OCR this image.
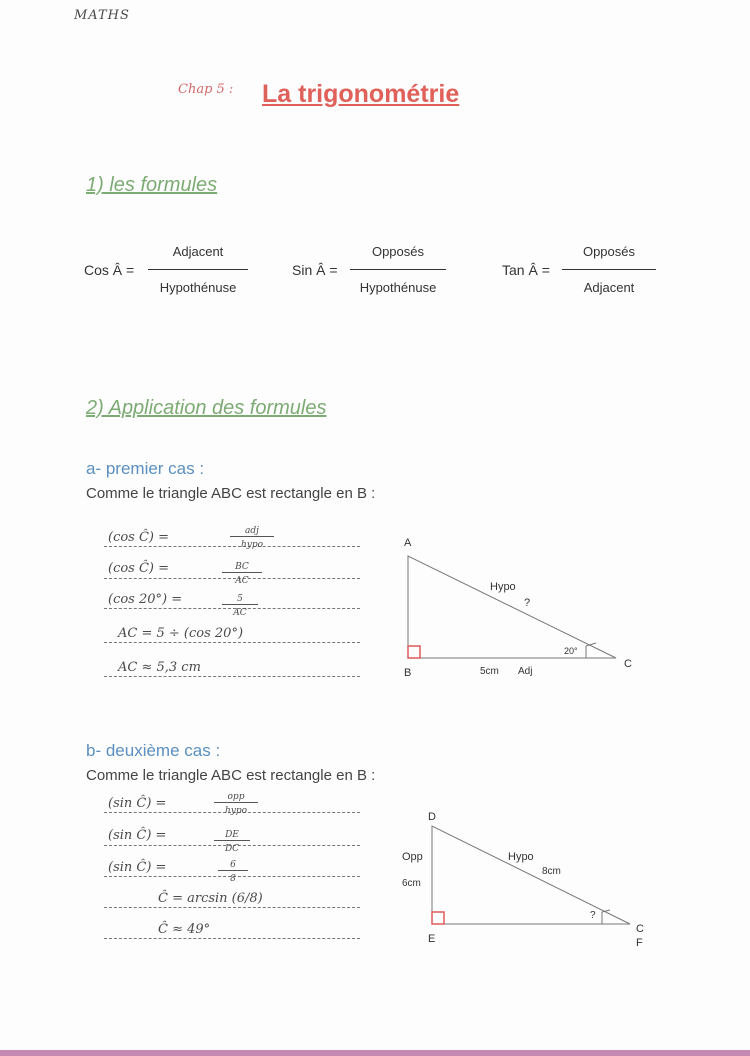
MATHS
Chap 5 : La trigonométrie
1) les formules
Cos Â =
Adjacent
Hypothénuse
Sin Â =
Opposés
Hypothénuse
Tan Â =
Opposés
Adjacent
2) Application des formules
a- premier cas :
Comme le triangle ABC est rectangle en B :
(cos Ĉ) =	adj
hypo
(cos Ĉ) =	BC
AC
(cos 20°) =	5
AC
AC = 5 ÷ (cos 20°)
AC ≈ 5,3 cm
A
B
C
Hypo
?
20°
5cm Adj
b- deuxième cas :
Comme le triangle ABC est rectangle en B :
(sin Ĉ) =	opp
hypo
(sin Ĉ) =	DE
DC
(sin Ĉ) =	6
8
Ĉ = arcsin (6/8)
Ĉ ≈ 49°
D
E
C
F
Opp
6cm
Hypo
8cm
?
